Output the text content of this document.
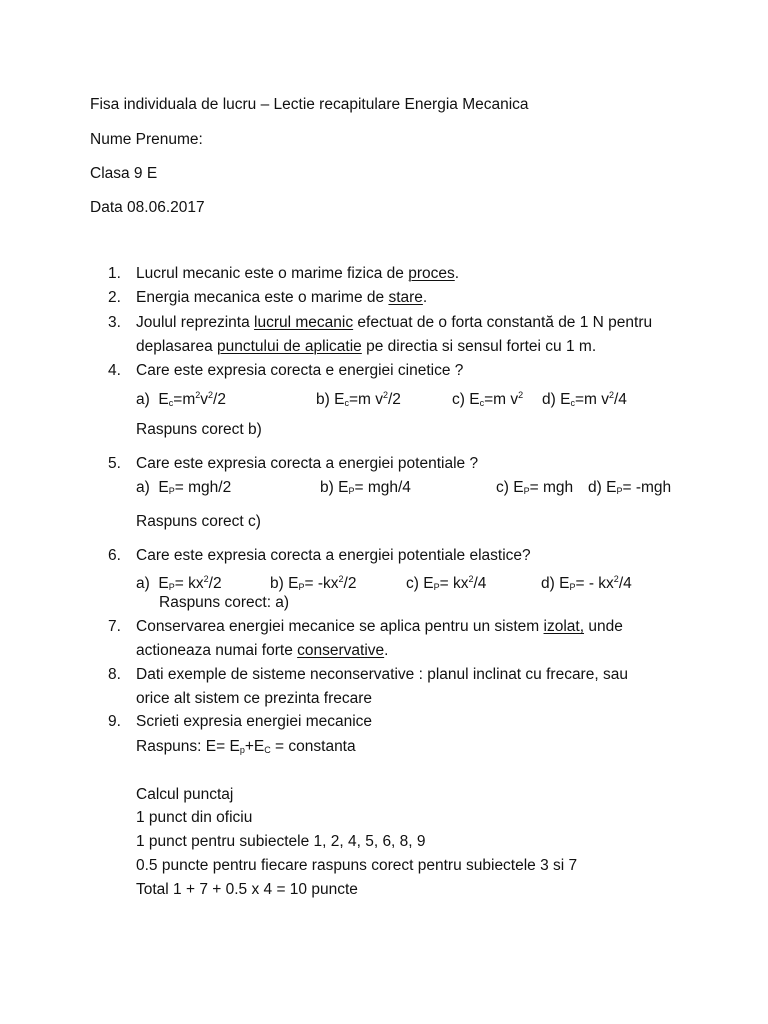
Fisa individuala de lucru – Lectie recapitulare Energia Mecanica
Nume Prenume:
Clasa 9 E
Data 08.06.2017
1. Lucrul mecanic este o marime fizica de proces.
2. Energia mecanica este o marime de stare.
3. Joulul reprezinta lucrul mecanic efectuat de o forta constantă de 1 N pentru
deplasarea punctului de aplicatie pe directia si sensul fortei cu 1 m.
4. Care este expresia corecta e energiei cinetice ?
a) $E_c=m^2v^2/2$	b) $E_c=m$ $v^2/2$	c) $E_c=m$ $v^2$ d) $E_c=m$ $v^2/4$
Raspuns corect b)
5. Care este expresia corecta a energiei potentiale ?
a) $E_P= mgh/2$	b) $E_P= mgh/4$	c) $E_P=$ mgh d) $E_P= -mgh$
Raspuns corect c)
6. Care este expresia corecta a energiei potentiale elastice?
a) $E_P= kx^2/2$	b) $E_P= -kx^2/2$	c) $E_P= kx^2/4$	d) $E_P= - kx^2/4$
Raspuns corect: a)
7. Conservarea energiei mecanice se aplica pentru un sistem izolat, unde
actioneaza numai forte conservative.
8. Dati exemple de sisteme neconservative : planul inclinat cu frecare, sau
orice alt sistem ce prezinta frecare
9. Scrieti expresia energiei mecanice
Raspuns: $E= E_p+E_C$ = constanta
Calcul punctaj
1 punct din oficiu
1 punct pentru subiectele 1, 2, 4, 5, 6, 8, 9
0.5 puncte pentru fiecare raspuns corect pentru subiectele 3 si 7
Total 1 + 7 + 0.5 x 4 = 10 puncte
